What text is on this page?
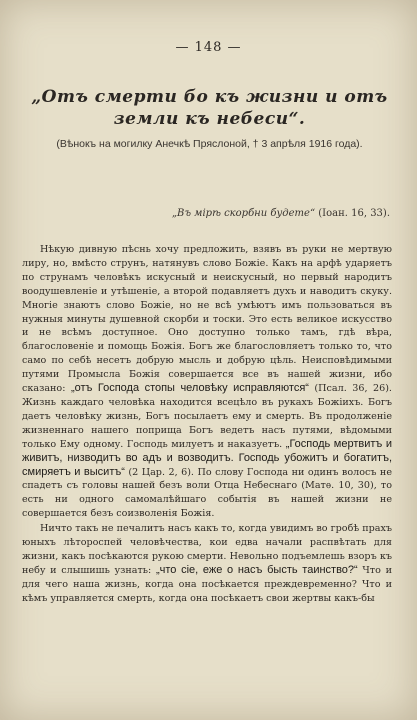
— 148 —
„Отъ смерти бо къ жизни и отъ земли къ небеси“.
(Вѣнокъ на могилку Анечкѣ Пряслоной, † 3 апрѣля 1916 года).
„Въ мірѣ скорбни будете“ (Іоан. 16, 33).

Нѣкую дивную пѣснь хочу предложить, взявъ въ руки не мертвую лиру, но, вмѣсто струнъ, натянувъ слово Божіе. Какъ на арфѣ ударяетъ по струнамъ человѣкъ искусный и неискусный, но первый народитъ воодушевленіе и утѣшеніе, а второй подавляетъ духъ и наводитъ скуку. Многіе знаютъ слово Божіе, но не всѣ умѣютъ имъ пользоваться въ нужныя минуты душевной скорби и тоски. Это есть великое искусство и не всѣмъ доступное. Оно доступно только тамъ, гдѣ вѣра, благословеніе и помощь Божія. Богъ же благословляетъ только то, что само по себѣ несетъ добрую мысль и добрую цѣль. Неисповѣдимыми путями Промысла Божія совершается все въ нашей жизни, ибо сказано: „отъ Господа стопы человѣку исправляются“ (Псал. 36, 26). Жизнь каждаго человѣка находится всецѣло въ рукахъ Божіихъ. Богъ даетъ человѣку жизнь, Богъ посылаетъ ему и смерть. Въ продолженіе жизненнаго нашего поприща Богъ ведетъ насъ путями, вѣдомыми только Ему одному. Господь милуетъ и наказуетъ. „Господь мертвитъ и живитъ, низводитъ во адъ и возводитъ. Господь убожитъ и богатитъ, смиряетъ и выситъ“ (2 Цар. 2, 6). По слову Господа ни одинъ волосъ не спадетъ съ головы нашей безъ воли Отца Небеснаго (Матѳ. 10, 30), то есть ни одного самомалѣйшаго событія въ нашей жизни не совершается безъ соизволенія Божія.

Ничто такъ не печалитъ насъ какъ то, когда увидимъ во гробѣ прахъ юныхъ лѣтороспей человѣчества, кои едва начали распвѣтать для жизни, какъ посѣкаются рукою смерти. Невольно подъемлешь взоръ къ небу и слышишь узнать: „что сіе, еже о насъ бысть таинство?“ Что и для чего наша жизнь, когда она посѣкается преждевременно? Что и кѣмъ управляется смерть, когда она посѣкаетъ свои жертвы какъ-бы
